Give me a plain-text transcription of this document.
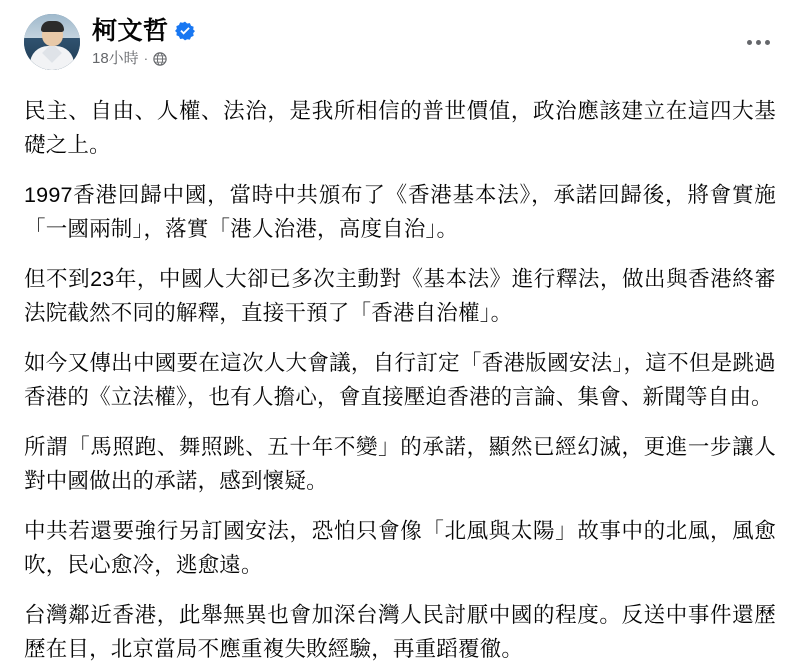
柯文哲
18小時 ·

民主、自由、人權、法治，是我所相信的普世價值，政治應該建立在這四大基礎之上。

1997香港回歸中國，當時中共頒布了《香港基本法》，承諾回歸後，將會實施「一國兩制」，落實「港人治港，高度自治」。

但不到23年，中國人大卻已多次主動對《基本法》進行釋法，做出與香港終審法院截然不同的解釋，直接干預了「香港自治權」。

如今又傳出中國要在這次人大會議，自行訂定「香港版國安法」，這不但是跳過香港的《立法權》，也有人擔心，會直接壓迫香港的言論、集會、新聞等自由。

所謂「馬照跑、舞照跳、五十年不變」的承諾，顯然已經幻滅，更進一步讓人對中國做出的承諾，感到懷疑。

中共若還要強行另訂國安法，恐怕只會像「北風與太陽」故事中的北風，風愈吹，民心愈冷，逃愈遠。

台灣鄰近香港，此舉無異也會加深台灣人民討厭中國的程度。反送中事件還歷歷在目，北京當局不應重複失敗經驗，再重蹈覆徹。
